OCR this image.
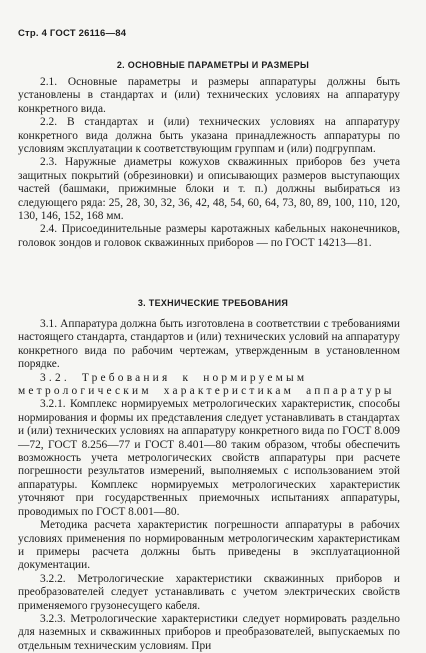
Стр. 4 ГОСТ 26116—84
2. ОСНОВНЫЕ ПАРАМЕТРЫ И РАЗМЕРЫ

2.1. Основные параметры и размеры аппаратуры должны быть установлены в стандартах и (или) технических условиях на аппаратуру конкретного вида.

2.2. В стандартах и (или) технических условиях на аппаратуру конкретного вида должна быть указана принадлежность аппаратуры по условиям эксплуатации к соответствующим группам и (или) подгруппам.

2.3. Наружные диаметры кожухов скважинных приборов без учета защитных покрытий (обрезиновки) и описывающих размеров выступающих частей (башмаки, прижимные блоки и т. п.) должны выбираться из следующего ряда: 25, 28, 30, 32, 36, 42, 48, 54, 60, 64, 73, 80, 89, 100, 110, 120, 130, 146, 152, 168 мм.

2.4. Присоединительные размеры каротажных кабельных наконечников, головок зондов и головок скважинных приборов — по ГОСТ 14213—81.

3. ТЕХНИЧЕСКИЕ ТРЕБОВАНИЯ

3.1. Аппаратура должна быть изготовлена в соответствии с требованиями настоящего стандарта, стандартов и (или) технических условий на аппаратуру конкретного вида по рабочим чертежам, утвержденным в установленном порядке.

3.2. Требования к нормируемым метрологическим характеристикам аппаратуры

3.2.1. Комплекс нормируемых метрологических характеристик, способы нормирования и формы их представления следует устанавливать в стандартах и (или) технических условиях на аппаратуру конкретного вида по ГОСТ 8.009—72, ГОСТ 8.256—77 и ГОСТ 8.401—80 таким образом, чтобы обеспечить возможность учета метрологических свойств аппаратуры при расчете погрешности результатов измерений, выполняемых с использованием этой аппаратуры. Комплекс нормируемых метрологических характеристик уточняют при государственных приемочных испытаниях аппаратуры, проводимых по ГОСТ 8.001—80.

Методика расчета характеристик погрешности аппаратуры в рабочих условиях применения по нормированным метрологическим характеристикам и примеры расчета должны быть приведены в эксплуатационной документации.

3.2.2. Метрологические характеристики скважинных приборов и преобразователей следует устанавливать с учетом электрических свойств применяемого грузонесущего кабеля.

3.2.3. Метрологические характеристики следует нормировать раздельно для наземных и скважинных приборов и преобразователей, выпускаемых по отдельным техническим условиям. При
